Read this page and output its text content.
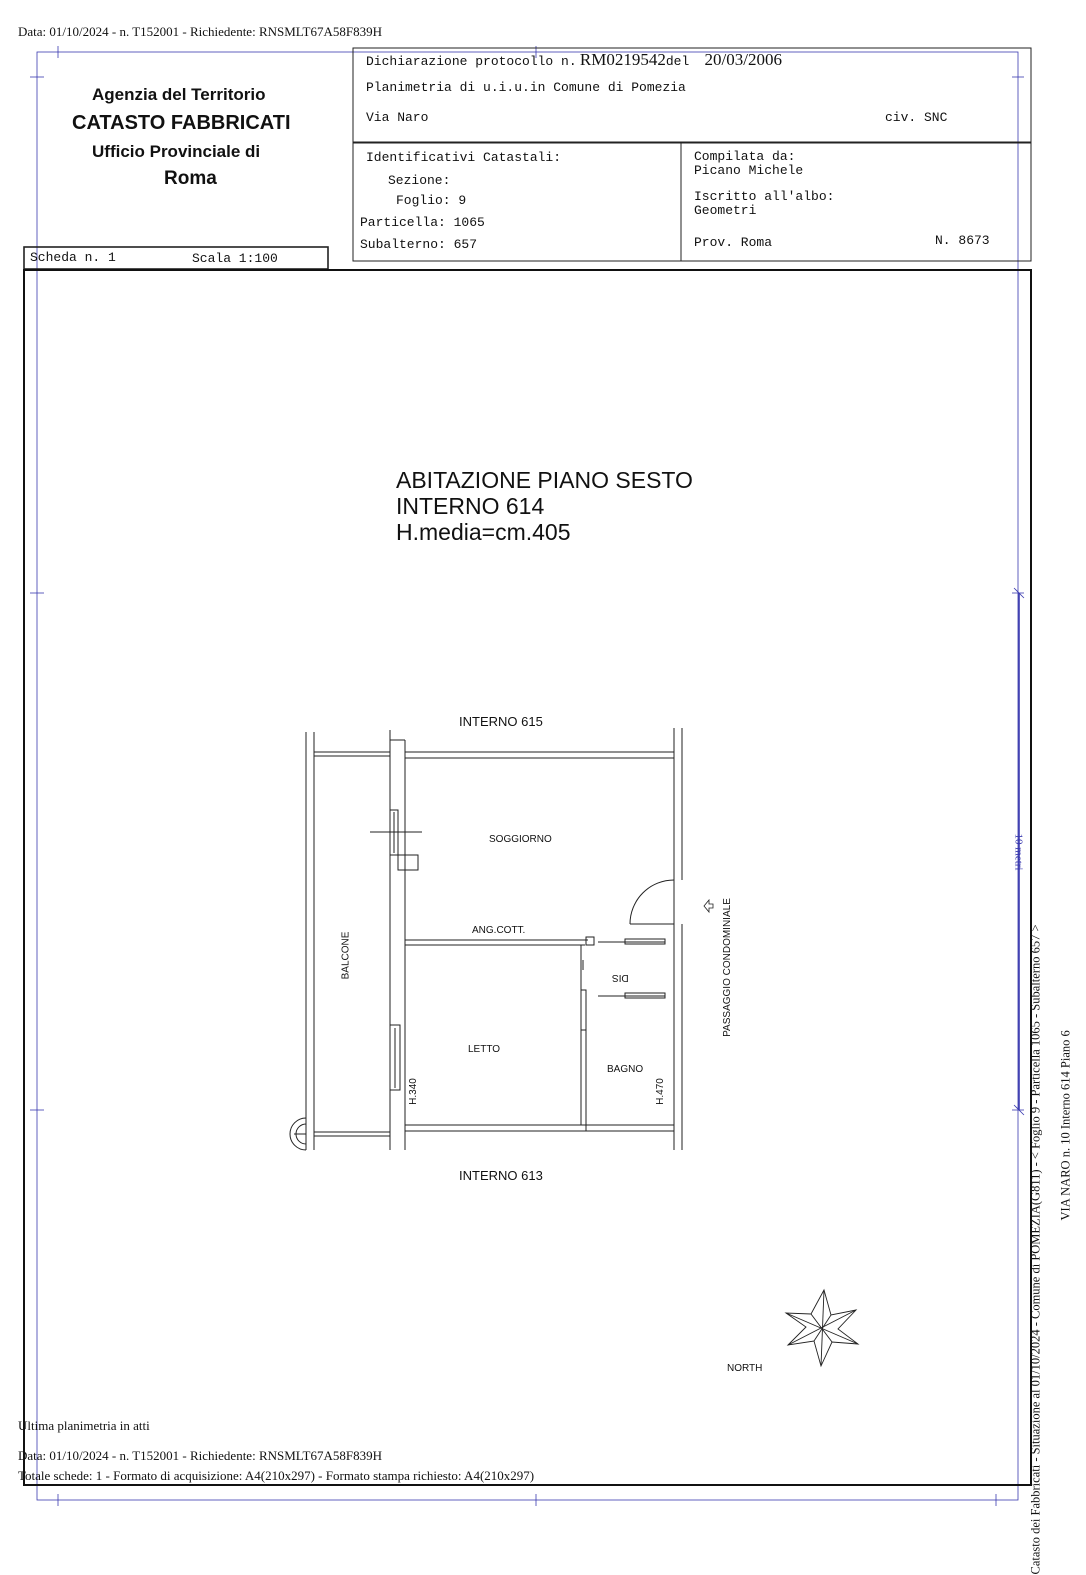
Data: 01/10/2024 - n. T152001 - Richiedente: RNSMLT67A58F839H
Agenzia del Territorio
CATASTO FABBRICATI
Ufficio Provinciale di
Roma
Dichiarazione protocollo n. RM0219542del 20/03/2006
Planimetria di u.i.u.in Comune di Pomezia
Via Naro	civ. SNC
Identificativi Catastali:
Sezione:
Foglio: 9
Particella: 1065
Subalterno: 657
Compilata da:
Picano Michele
Iscritto all'albo:
Geometri
Prov. Roma	N. 8673
Scheda n. 1	Scala 1:100
ABITAZIONE PIANO SESTO
INTERNO 614
H.media=cm.405
INTERNO 615
INTERNO 613
SOGGIORNO
ANG.COTT.
DIS
LETTO
BAGNO
BALCONE	PASSAGGIO CONDOMINIALE
H.340	H.470
NORTH
10 metri
Catasto dei Fabbricati - Situazione al 01/10/2024 - Comune di POMEZIA(G811) - < Foglio 9 - Particella 1065 - Subalterno 657 > VIA NARO n. 10 Interno 614 Piano 6
Ultima planimetria in atti
Data: 01/10/2024 - n. T152001 - Richiedente: RNSMLT67A58F839H
Totale schede: 1 - Formato di acquisizione: A4(210x297) - Formato stampa richiesto: A4(210x297)
